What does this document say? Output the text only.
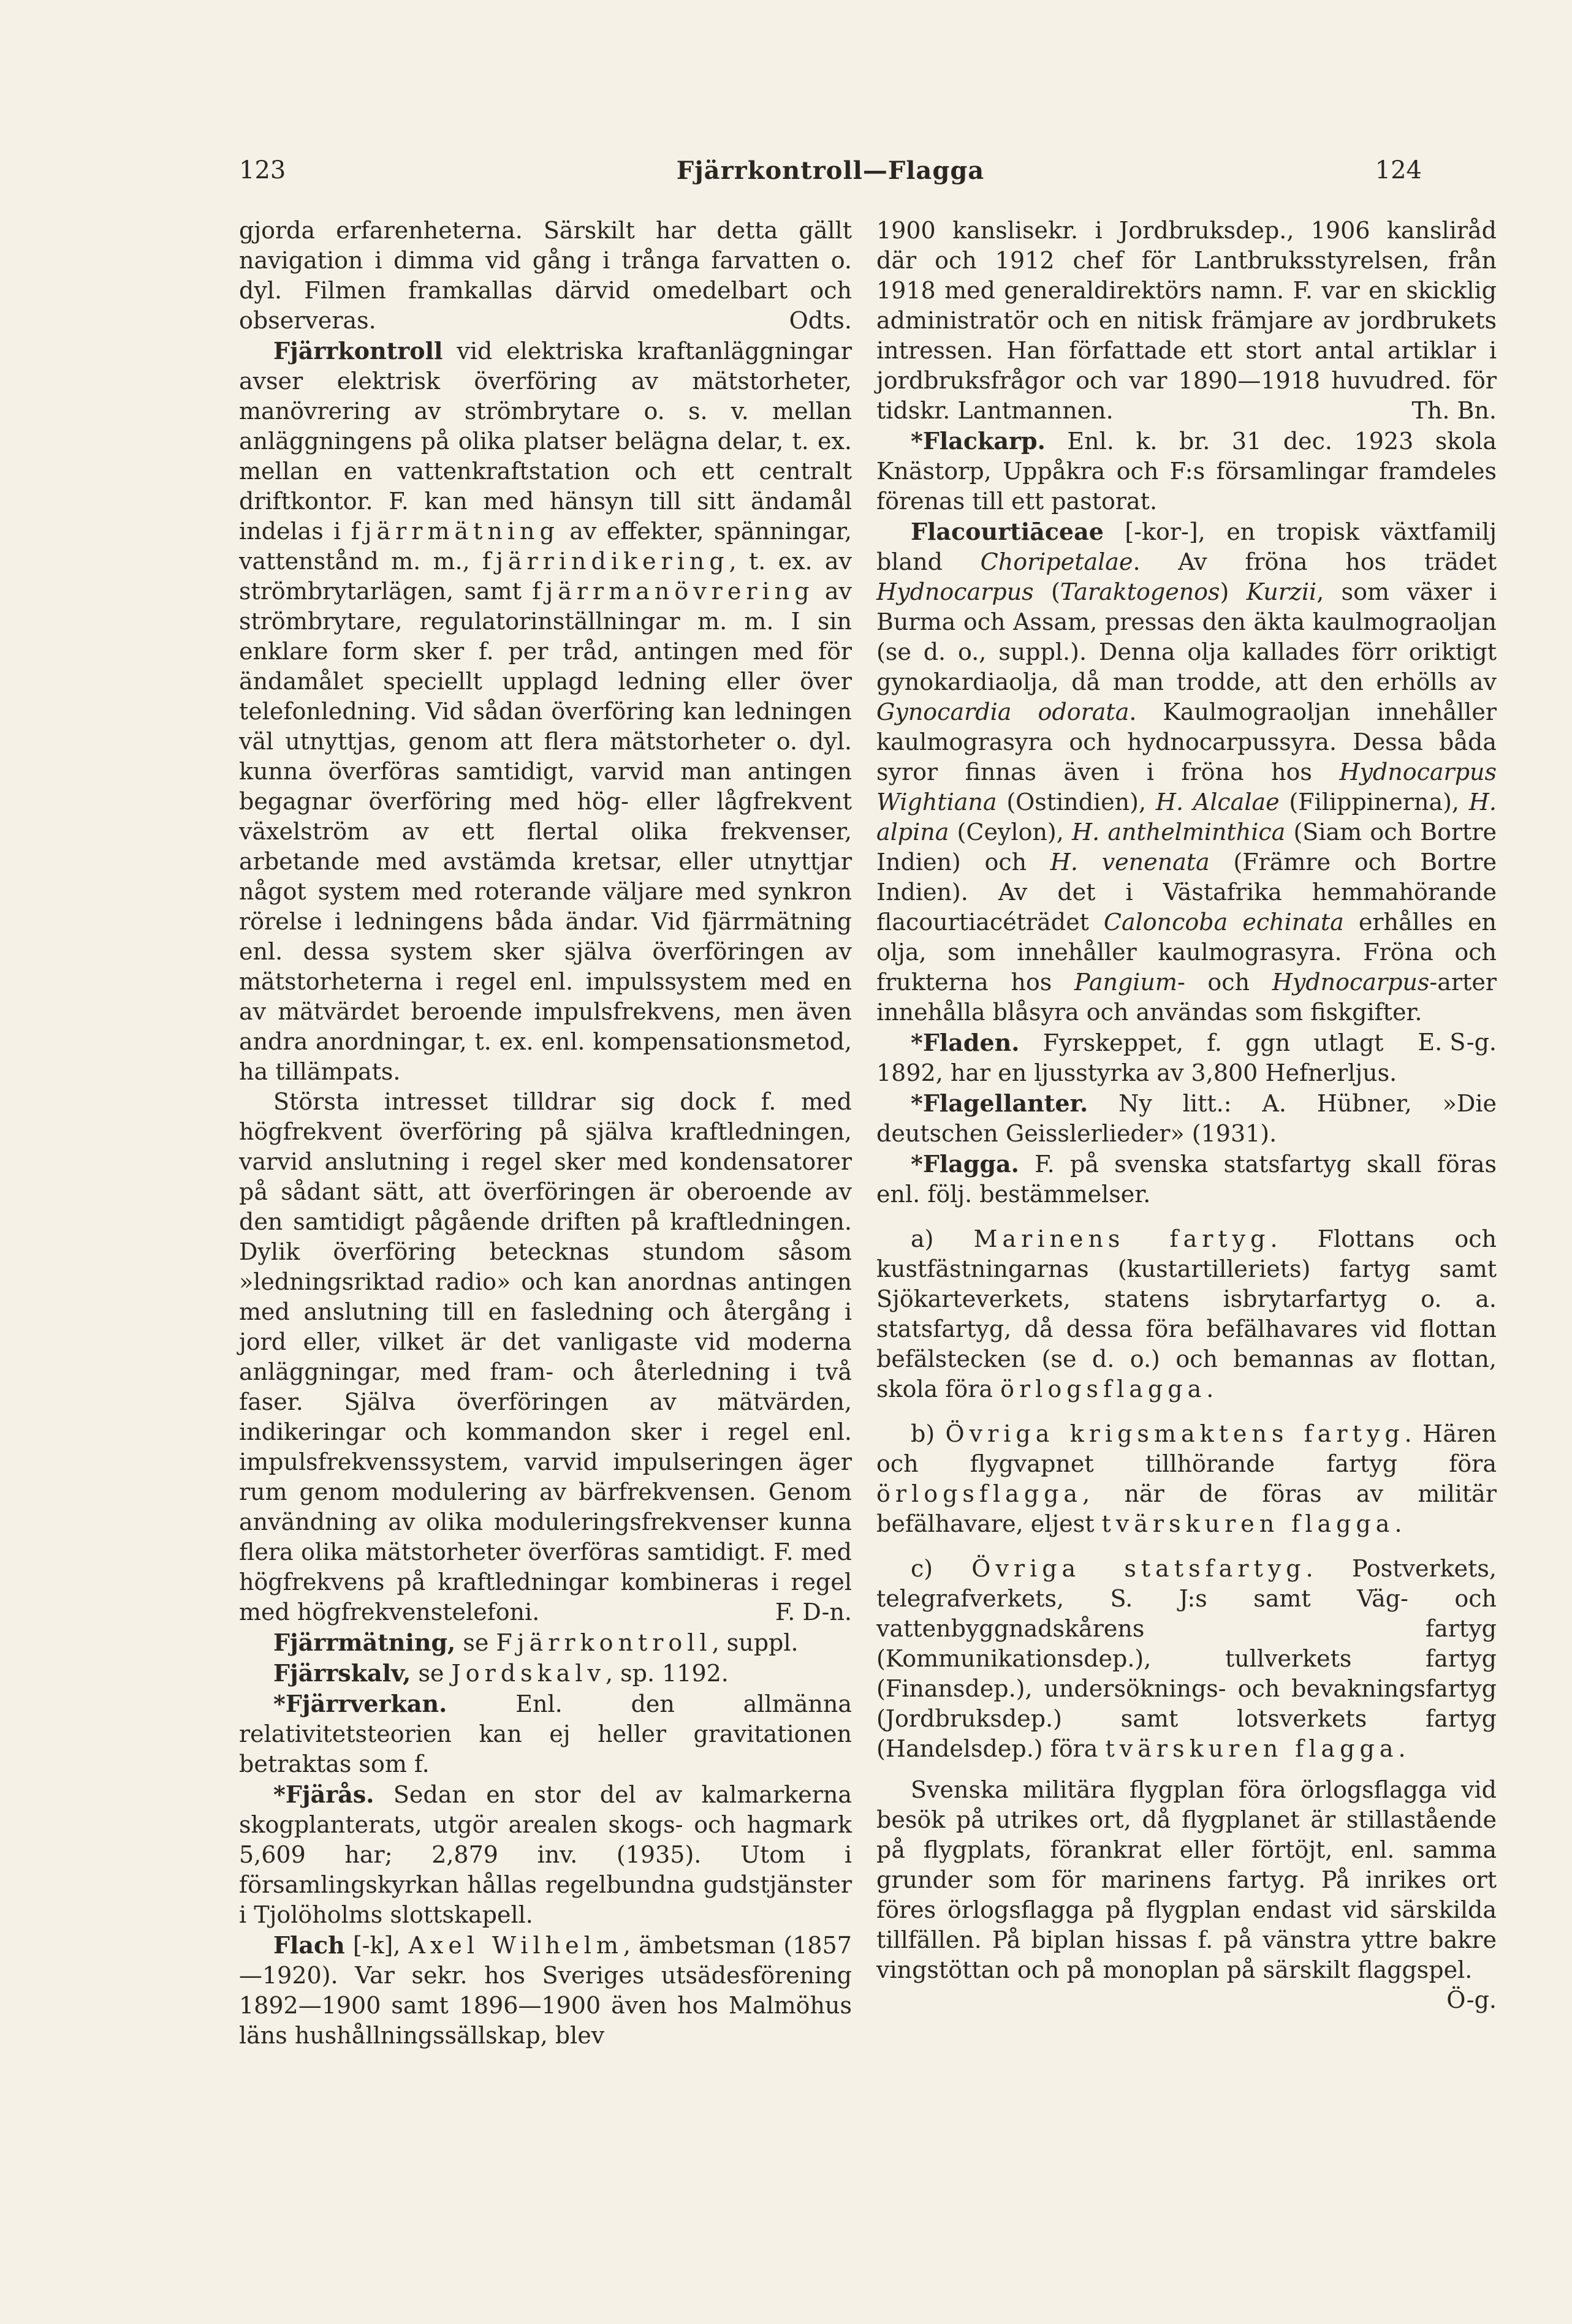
123	Fjärrkontroll—Flagga	124

gjorda erfarenheterna. Särskilt har detta gällt navigation i dimma vid gång i trånga farvatten o. dyl. Filmen framkallas därvid omedelbart och observeras.	Odts.

Fjärrkontroll vid elektriska kraftanläggningar avser elektrisk överföring av mätstorheter, manövrering av strömbrytare o. s. v. mellan anläggningens på olika platser belägna delar, t. ex. mellan en vattenkraftstation och ett centralt driftkontor. F. kan med hänsyn till sitt ändamål indelas i fjärrmätning av effekter, spänningar, vattenstånd m. m., fjärrindikering, t. ex. av strömbrytarlägen, samt fjärrmanövrering av strömbrytare, regulatorinställningar m. m. I sin enklare form sker f. per tråd, antingen med för ändamålet speciellt upplagd ledning eller över telefonledning. Vid sådan överföring kan ledningen väl utnyttjas, genom att flera mätstorheter o. dyl. kunna överföras samtidigt, varvid man antingen begagnar överföring med hög- eller lågfrekvent växelström av ett flertal olika frekvenser, arbetande med avstämda kretsar, eller utnyttjar något system med roterande väljare med synkron rörelse i ledningens båda ändar. Vid fjärrmätning enl. dessa system sker själva överföringen av mätstorheterna i regel enl. impulssystem med en av mätvärdet beroende impulsfrekvens, men även andra anordningar, t. ex. enl. kompensationsmetod, ha tillämpats.

Största intresset tilldrar sig dock f. med högfrekvent överföring på själva kraftledningen, varvid anslutning i regel sker med kondensatorer på sådant sätt, att överföringen är oberoende av den samtidigt pågående driften på kraftledningen. Dylik överföring betecknas stundom såsom »ledningsriktad radio» och kan anordnas antingen med anslutning till en fasledning och återgång i jord eller, vilket är det vanligaste vid moderna anläggningar, med fram- och återledning i två faser. Själva överföringen av mätvärden, indikeringar och kommandon sker i regel enl. impulsfrekvenssystem, varvid impulseringen äger rum genom modulering av bärfrekvensen. Genom användning av olika moduleringsfrekvenser kunna flera olika mätstorheter överföras samtidigt. F. med högfrekvens på kraftledningar kombineras i regel med högfrekvenstelefoni.	F. D-n.

Fjärrmätning, se Fjärrkontroll, suppl.

Fjärrskalv, se Jordskalv, sp. 1192.

*Fjärrverkan. Enl. den allmänna relativitetsteorien kan ej heller gravitationen betraktas som f.

*Fjärås. Sedan en stor del av kalmarkerna skogplanterats, utgör arealen skogs- och hagmark 5,609 har; 2,879 inv. (1935). Utom i församlingskyrkan hållas regelbundna gudstjänster i Tjolöholms slottskapell.

Flach [-k], Axel Wilhelm, ämbetsman (1857—1920). Var sekr. hos Sveriges utsädesförening 1892—1900 samt 1896—1900 även hos Malmöhus läns hushållningssällskap, blev

1900 kanslisekr. i Jordbruksdep., 1906 kansliråd där och 1912 chef för Lantbruksstyrelsen, från 1918 med generaldirektörs namn. F. var en skicklig administratör och en nitisk främjare av jordbrukets intressen. Han författade ett stort antal artiklar i jordbruksfrågor och var 1890—1918 huvudred. för tidskr. Lantmannen.	Th. Bn.

*Flackarp. Enl. k. br. 31 dec. 1923 skola Knästorp, Uppåkra och F:s församlingar framdeles förenas till ett pastorat.

Flacourtiāceae [-kor-], en tropisk växtfamilj bland Choripetalae. Av fröna hos trädet Hydnocarpus (Taraktogenos) Kurzii, som växer i Burma och Assam, pressas den äkta kaulmograoljan (se d. o., suppl.). Denna olja kallades förr oriktigt gynokardiaolja, då man trodde, att den erhölls av Gynocardia odorata. Kaulmograoljan innehåller kaulmograsyra och hydnocarpussyra. Dessa båda syror finnas även i fröna hos Hydnocarpus Wightiana (Ostindien), H. Alcalae (Filippinerna), H. alpina (Ceylon), H. anthelminthica (Siam och Bortre Indien) och H. venenata (Främre och Bortre Indien). Av det i Västafrika hemmahörande flacourtiacéträdet Caloncoba echinata erhålles en olja, som innehåller kaulmograsyra. Fröna och frukterna hos Pangium- och Hydnocarpus-arter innehålla blåsyra och användas som fiskgifter.
E. S-g.

*Fladen. Fyrskeppet, f. ggn utlagt 1892, har en ljusstyrka av 3,800 Hefnerljus.

*Flagellanter. Ny litt.: A. Hübner, »Die deutschen Geisslerlieder» (1931).

*Flagga. F. på svenska statsfartyg skall föras enl. följ. bestämmelser.

a) Marinens fartyg. Flottans och kustfästningarnas (kustartilleriets) fartyg samt Sjökarteverkets, statens isbrytarfartyg o. a. statsfartyg, då dessa föra befälhavares vid flottan befälstecken (se d. o.) och bemannas av flottan, skola föra örlogsflagga.

b) Övriga krigsmaktens fartyg. Hären och flygvapnet tillhörande fartyg föra örlogsflagga, när de föras av militär befälhavare, eljest tvärskuren flagga.

c) Övriga statsfartyg. Postverkets, telegrafverkets, S. J:s samt Väg- och vattenbyggnadskårens fartyg (Kommunikationsdep.), tullverkets fartyg (Finansdep.), undersöknings- och bevakningsfartyg (Jordbruksdep.) samt lotsverkets fartyg (Handelsdep.) föra tvärskuren flagga.

Svenska militära flygplan föra örlogsflagga vid besök på utrikes ort, då flygplanet är stillastående på flygplats, förankrat eller förtöjt, enl. samma grunder som för marinens fartyg. På inrikes ort föres örlogsflagga på flygplan endast vid särskilda tillfällen. På biplan hissas f. på vänstra yttre bakre vingstöttan och på monoplan på särskilt flaggspel.
Ö-g.
